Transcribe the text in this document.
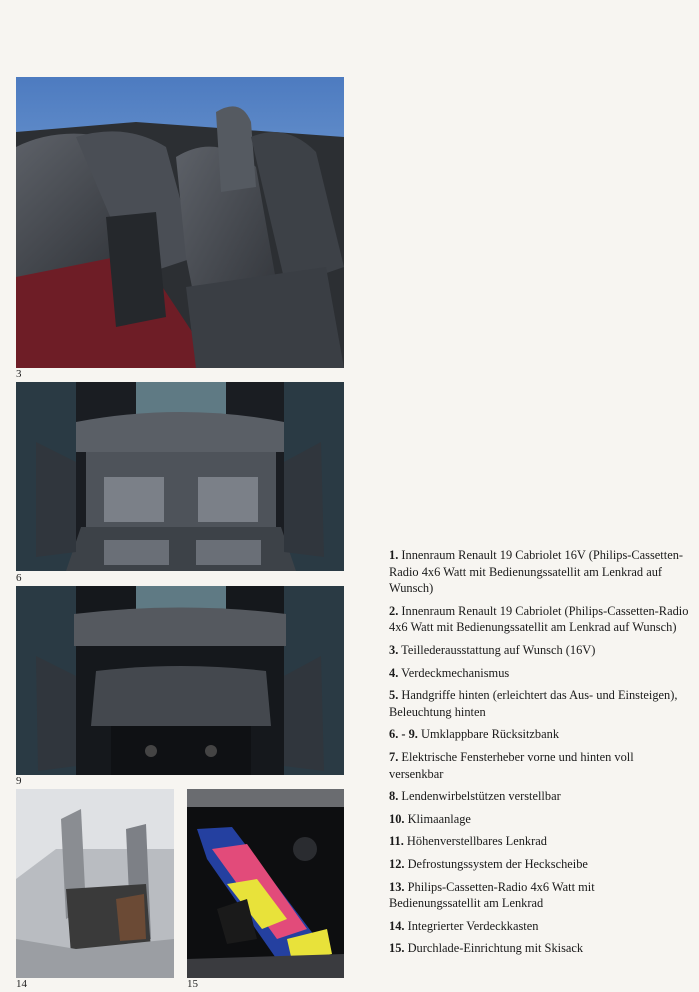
3
6
9
14	15
1. Innenraum Renault 19 Cabriolet 16V (Philips-Cassetten-Radio 4x6 Watt mit Bedienungssatellit am Lenkrad auf Wunsch)
2. Innenraum Renault 19 Cabriolet (Philips-Cassetten-Radio 4x6 Watt mit Bedienungssatellit am Lenkrad auf Wunsch)
3. Teillederausstattung auf Wunsch (16V)
4. Verdeckmechanismus
5. Handgriffe hinten (erleichtert das Aus- und Einsteigen), Beleuchtung hinten
6. - 9. Umklappbare Rücksitzbank
7. Elektrische Fensterheber vorne und hinten voll versenkbar
8. Lendenwirbelstützen verstellbar
10. Klimaanlage
11. Höhenverstellbares Lenkrad
12. Defrostungssystem der Heckscheibe
13. Philips-Cassetten-Radio 4x6 Watt mit Bedienungssatellit am Lenkrad
14. Integrierter Verdeckkasten
15. Durchlade-Einrichtung mit Skisack
